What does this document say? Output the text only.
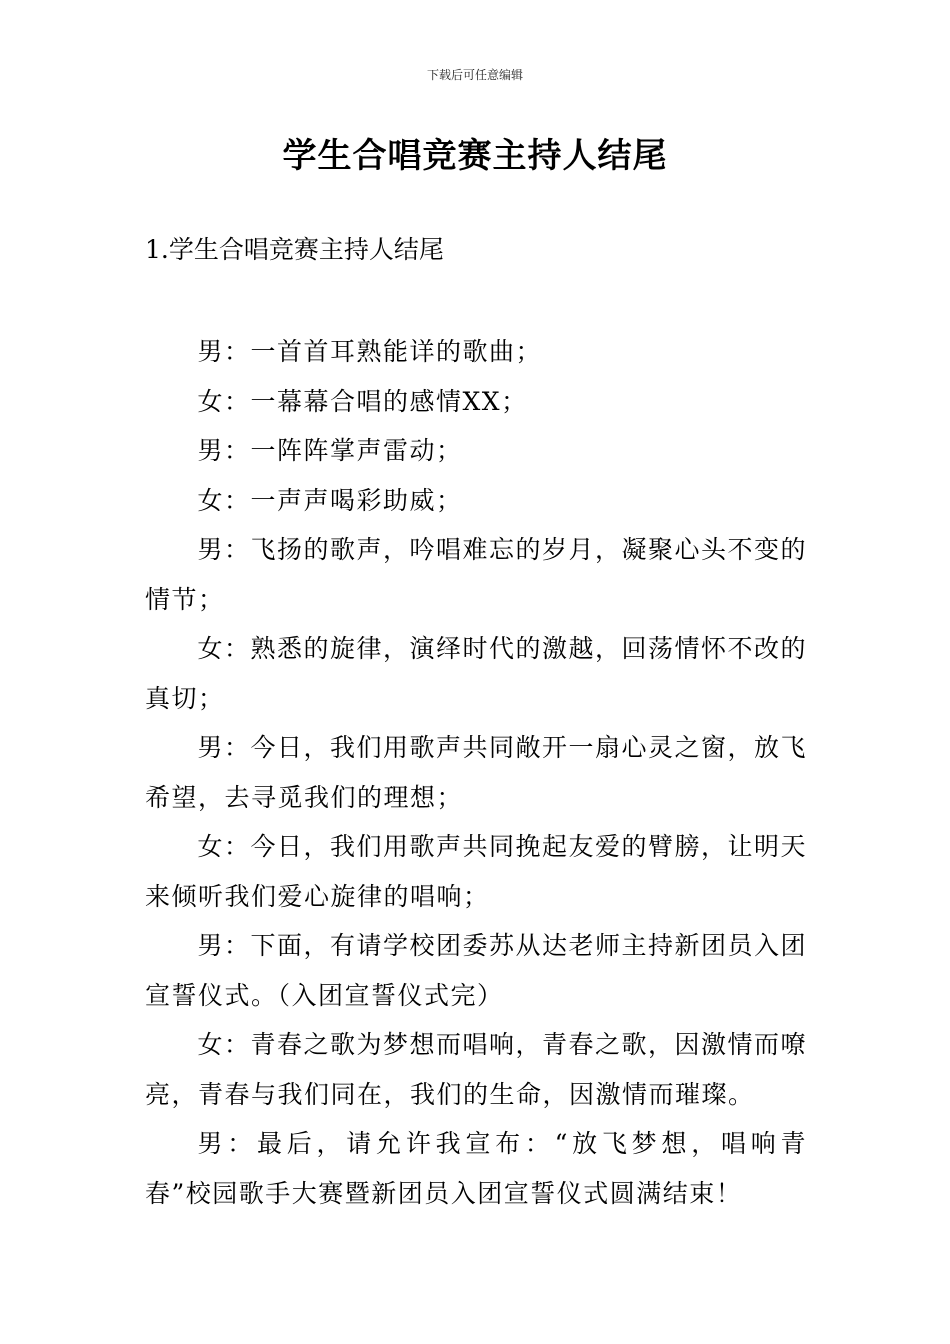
下载后可任意编辑
学生合唱竞赛主持人结尾
1.学生合唱竞赛主持人结尾

男：一首首耳熟能详的歌曲；

女：一幕幕合唱的感情XX；

男：一阵阵掌声雷动；

女：一声声喝彩助威；

男：飞扬的歌声，吟唱难忘的岁月，凝聚心头不变的情节；

女：熟悉的旋律，演绎时代的激越，回荡情怀不改的真切；

男：今日，我们用歌声共同敞开一扇心灵之窗，放飞希望，去寻觅我们的理想；

女：今日，我们用歌声共同挽起友爱的臂膀，让明天来倾听我们爱心旋律的唱响；

男：下面，有请学校团委苏从达老师主持新团员入团宣誓仪式。（入团宣誓仪式完）

女：青春之歌为梦想而唱响，青春之歌，因激情而嘹亮，青春与我们同在，我们的生命，因激情而璀璨。

男：最后，请允许我宣布：“放飞梦想，唱响青春”校园歌手大赛暨新团员入团宣誓仪式圆满结束！
